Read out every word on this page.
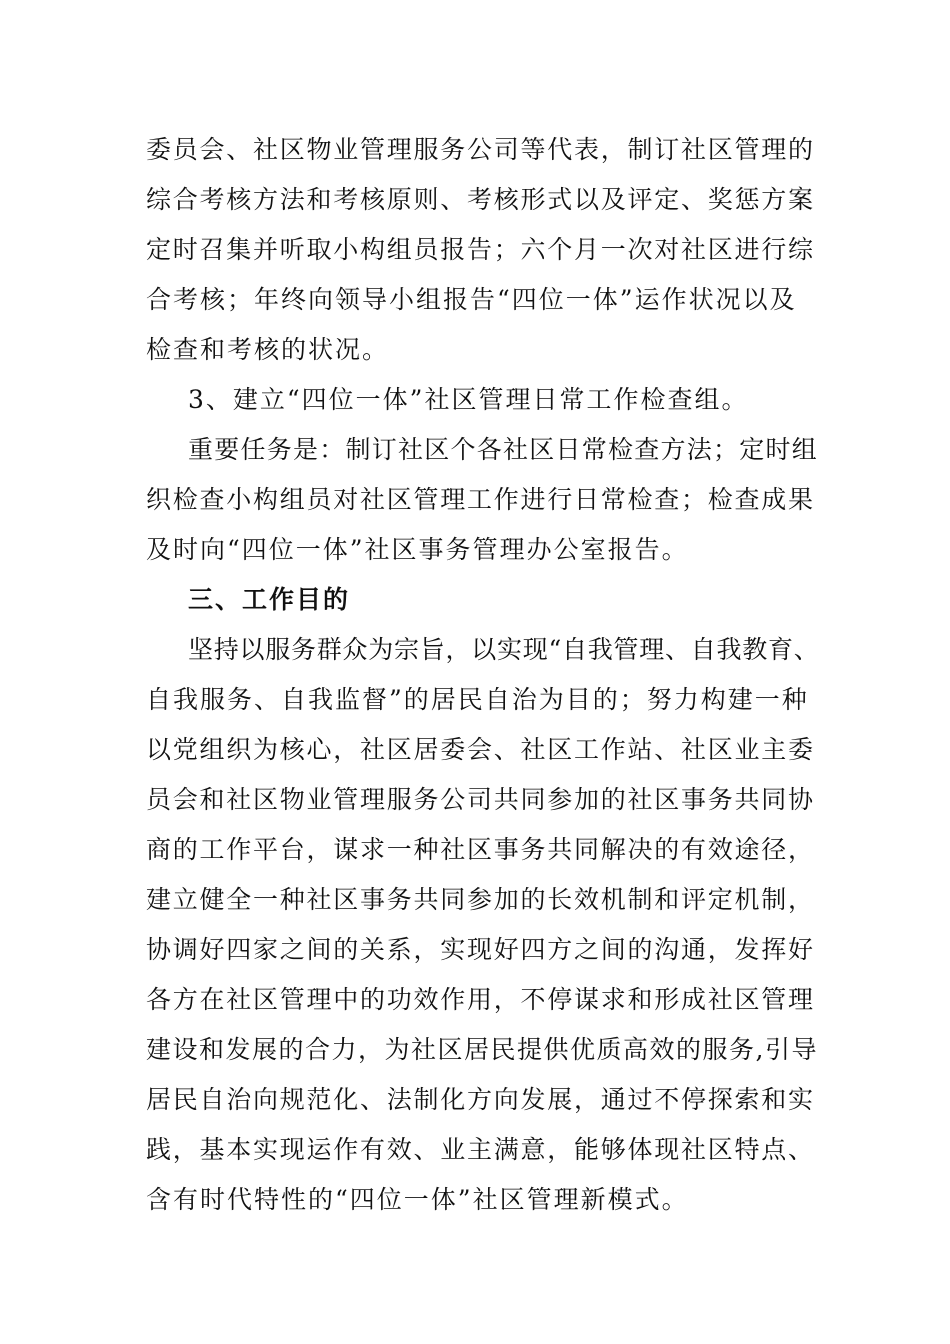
委员会、社区物业管理服务公司等代表，制订社区管理的
综合考核方法和考核原则、考核形式以及评定、奖惩方案
定时召集并听取小构组员报告；六个月一次对社区进行综
合考核；年终向领导小组报告“四位一体”运作状况以及
检查和考核的状况。
3、建立“四位一体”社区管理日常工作检查组。
重要任务是：制订社区个各社区日常检查方法；定时组
织检查小构组员对社区管理工作进行日常检查；检查成果
及时向“四位一体”社区事务管理办公室报告。
三、工作目的
坚持以服务群众为宗旨，以实现“自我管理、自我教育、
自我服务、自我监督”的居民自治为目的；努力构建一种
以党组织为核心，社区居委会、社区工作站、社区业主委
员会和社区物业管理服务公司共同参加的社区事务共同协
商的工作平台，谋求一种社区事务共同解决的有效途径，
建立健全一种社区事务共同参加的长效机制和评定机制，
协调好四家之间的关系，实现好四方之间的沟通，发挥好
各方在社区管理中的功效作用，不停谋求和形成社区管理
建设和发展的合力，为社区居民提供优质高效的服务,引导
居民自治向规范化、法制化方向发展，通过不停探索和实
践，基本实现运作有效、业主满意，能够体现社区特点、
含有时代特性的“四位一体”社区管理新模式。
